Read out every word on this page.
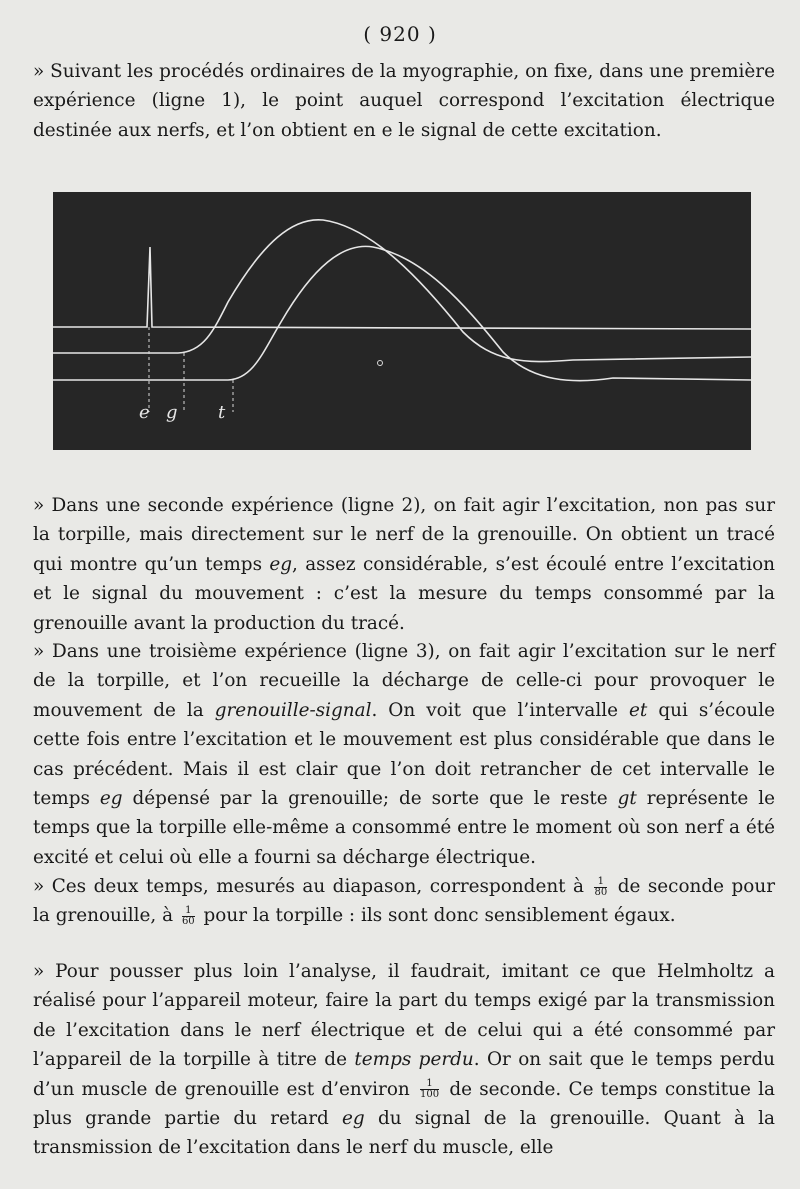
( 920 )

» Suivant les procédés ordinaires de la myographie, on fixe, dans une première expérience (ligne 1), le point auquel correspond l’excitation électrique destinée aux nerfs, et l’on obtient en e le signal de cette excitation.

e g t

» Dans une seconde expérience (ligne 2), on fait agir l’excitation, non pas sur la torpille, mais directement sur le nerf de la grenouille. On obtient un tracé qui montre qu’un temps eg, assez considérable, s’est écoulé entre l’excitation et le signal du mouvement : c’est la mesure du temps consommé par la grenouille avant la production du tracé.

» Dans une troisième expérience (ligne 3), on fait agir l’excitation sur le nerf de la torpille, et l’on recueille la décharge de celle-ci pour provoquer le mouvement de la grenouille-signal. On voit que l’intervalle et qui s’écoule cette fois entre l’excitation et le mouvement est plus considérable que dans le cas précédent. Mais il est clair que l’on doit retrancher de cet intervalle le temps eg dépensé par la grenouille; de sorte que le reste gt représente le temps que la torpille elle-même a consommé entre le moment où son nerf a été excité et celui où elle a fourni sa décharge électrique.

» Ces deux temps, mesurés au diapason, correspondent à $\frac{1}{80}$ de seconde pour la grenouille, à $\frac{1}{60}$ pour la torpille : ils sont donc sensiblement égaux.

» Pour pousser plus loin l’analyse, il faudrait, imitant ce que Helmholtz a réalisé pour l’appareil moteur, faire la part du temps exigé par la transmission de l’excitation dans le nerf électrique et de celui qui a été consommé par l’appareil de la torpille à titre de temps perdu. Or on sait que le temps perdu d’un muscle de grenouille est d’environ $\frac{1}{100}$ de seconde. Ce temps constitue la plus grande partie du retard eg du signal de la grenouille. Quant à la transmission de l’excitation dans le nerf du muscle, elle
